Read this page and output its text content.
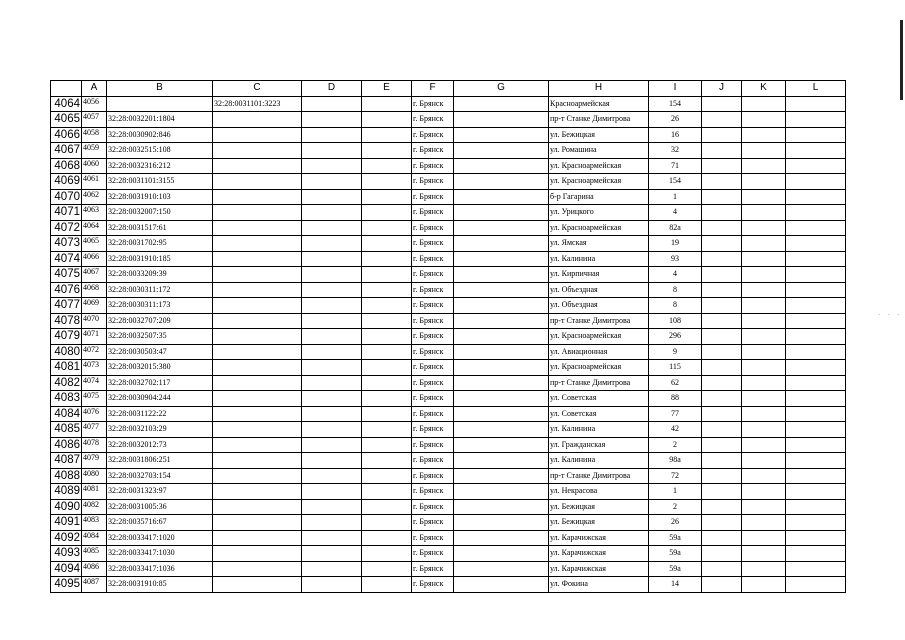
- - -
	A	B	C	D	E	F	G	H	I	J	K	L
4064	4056		32:28:0031101:3223			г. Брянск		Красноармейская	154			
4065	4057	32:28:0032201:1804				г. Брянск		пр-т Станке Димитрова	26			
4066	4058	32:28:0030902:846				г. Брянск		ул. Бежицкая	16			
4067	4059	32:28:0032515:108				г. Брянск		ул. Ромашина	32			
4068	4060	32:28:0032316:212				г. Брянск		ул. Красноармейская	71			
4069	4061	32:28:0031101:3155				г. Брянск		ул. Красноармейская	154			
4070	4062	32:28:0031910:103				г. Брянск		б-р Гагарина	1			
4071	4063	32:28:0032007:150				г. Брянск		ул. Урицкого	4			
4072	4064	32:28:0031517:61				г. Брянск		ул. Красноармейская	82а			
4073	4065	32:28:0031702:95				г. Брянск		ул. Ямская	19			
4074	4066	32:28:0031910:185				г. Брянск		ул. Калинина	93			
4075	4067	32:28:0033209:39				г. Брянск		ул. Кирпичная	4			
4076	4068	32:28:0030311:172				г. Брянск		ул. Объездная	8			
4077	4069	32:28:0030311:173				г. Брянск		ул. Объездная	8			
4078	4070	32:28:0032707:209				г. Брянск		пр-т Станке Димитрова	108			
4079	4071	32:28:0032507:35				г. Брянск		ул. Красноармейская	296			
4080	4072	32:28:0030503:47				г. Брянск		ул. Авиационная	9			
4081	4073	32:28:0032015:380				г. Брянск		ул. Красноармейская	115			
4082	4074	32:28:0032702:117				г. Брянск		пр-т Станке Димитрова	62			
4083	4075	32:28:0030904:244				г. Брянск		ул. Советская	88			
4084	4076	32:28:0031122:22				г. Брянск		ул. Советская	77			
4085	4077	32:28:0032103:29				г. Брянск		ул. Калинина	42			
4086	4078	32:28:0032012:73				г. Брянск		ул. Гражданская	2			
4087	4079	32:28:0031806:251				г. Брянск		ул. Калинина	98а			
4088	4080	32:28:0032703:154				г. Брянск		пр-т Станке Димитрова	72			
4089	4081	32:28:0031323:97				г. Брянск		ул. Некрасова	1			
4090	4082	32:28:0031005:36				г. Брянск		ул. Бежицкая	2			
4091	4083	32:28:0035716:67				г. Брянск		ул. Бежицкая	26			
4092	4084	32:28:0033417:1020				г. Брянск		ул. Карачижская	59а			
4093	4085	32:28:0033417:1030				г. Брянск		ул. Карачижская	59а			
4094	4086	32:28:0033417:1036				г. Брянск		ул. Карачижская	59а			
4095	4087	32:28:0031910:85				г. Брянск		ул. Фокина	14			
